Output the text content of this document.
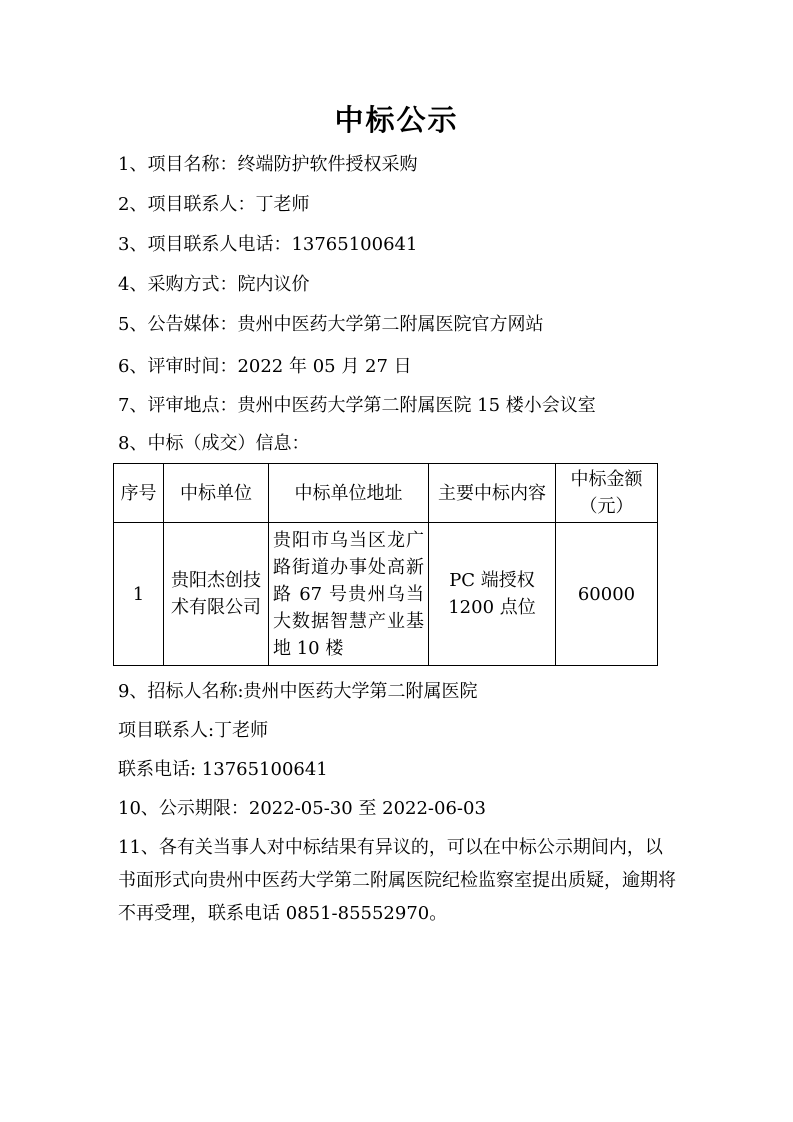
中标公示
1、项目名称：终端防护软件授权采购
2、项目联系人：丁老师
3、项目联系人电话：13765100641
4、采购方式：院内议价
5、公告媒体：贵州中医药大学第二附属医院官方网站
6、评审时间：2022 年 05 月 27 日
7、评审地点：贵州中医药大学第二附属医院 15 楼小会议室
8、中标（成交）信息：
序号	中标单位	中标单位地址	主要中标内容	中标金额（元）
1	贵阳杰创技术有限公司	贵阳市乌当区龙广路街道办事处高新路 67 号贵州乌当大数据智慧产业基地 10 楼	PC 端授权 1200 点位	60000
9、招标人名称:贵州中医药大学第二附属医院
项目联系人:丁老师
联系电话: 13765100641
10、公示期限：2022-05-30 至 2022-06-03
11、各有关当事人对中标结果有异议的，可以在中标公示期间内，以书面形式向贵州中医药大学第二附属医院纪检监察室提出质疑，逾期将不再受理，联系电话 0851-85552970。
